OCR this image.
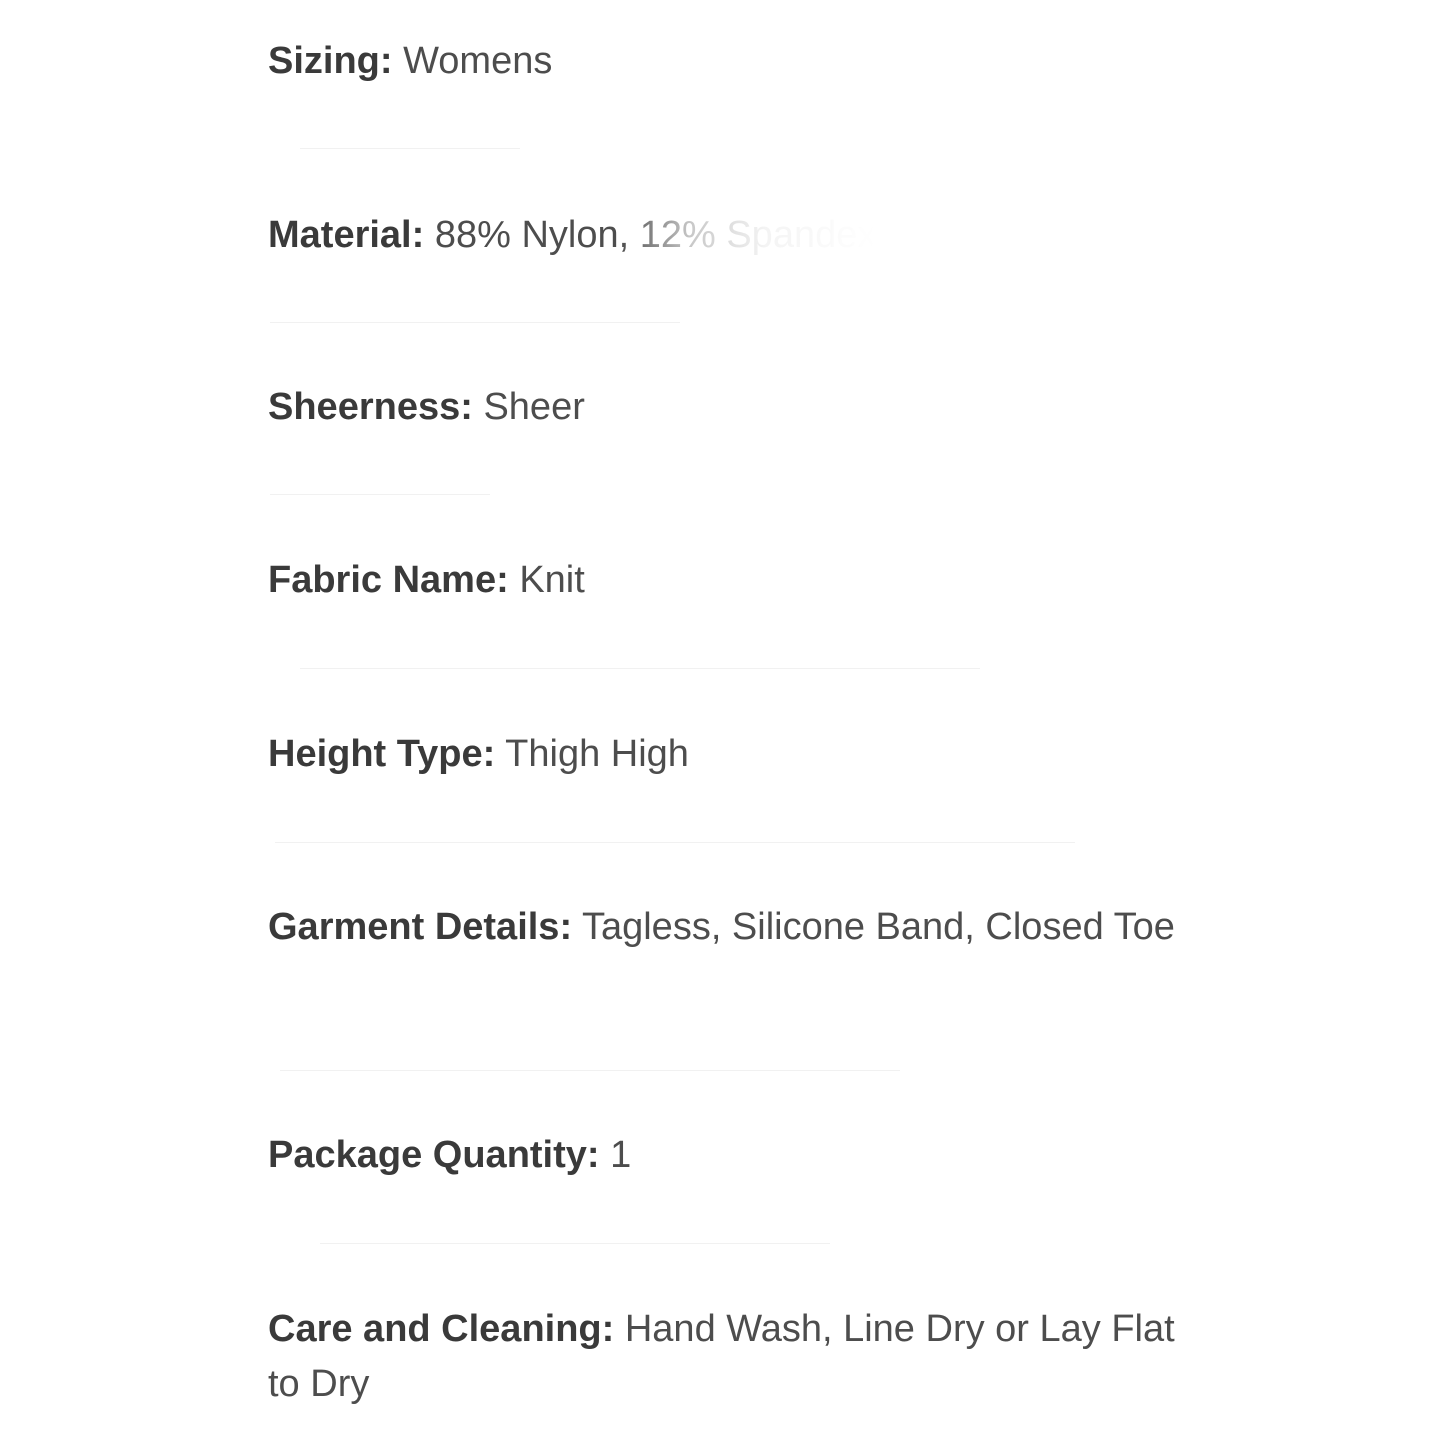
Sizing: Womens
Material: 88% Nylon, 12% Spandex
Sheerness: Sheer
Fabric Name: Knit
Height Type: Thigh High
Garment Details: Tagless, Silicone Band, Closed Toe
Package Quantity: 1
Care and Cleaning: Hand Wash, Line Dry or Lay Flat to Dry
